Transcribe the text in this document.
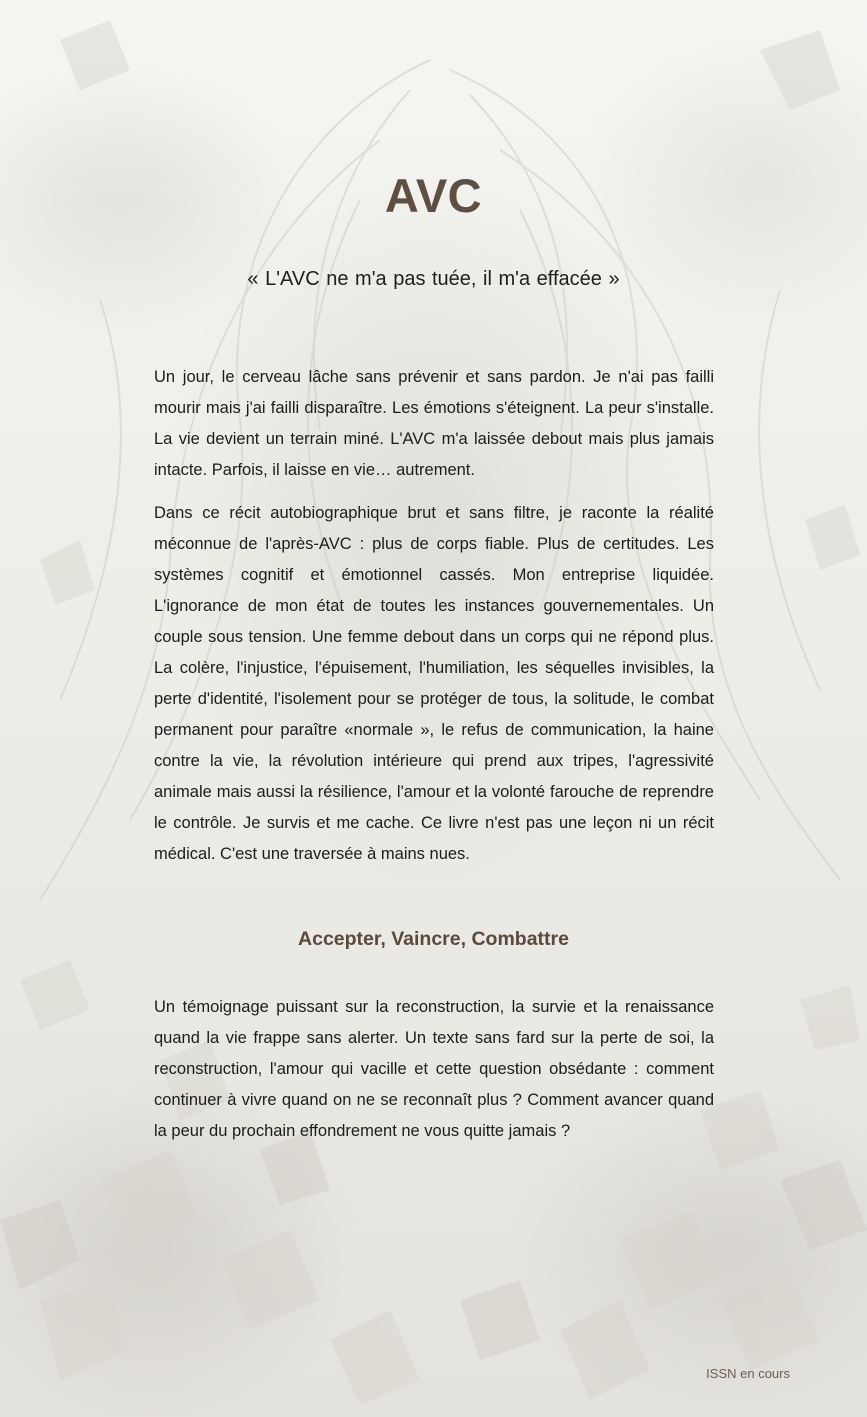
AVC
« L'AVC ne m'a pas tuée, il m'a effacée »

Un jour, le cerveau lâche sans prévenir et sans pardon. Je n'ai pas failli mourir mais j'ai failli disparaître. Les émotions s'éteignent. La peur s'installe. La vie devient un terrain miné. L'AVC m'a laissée debout mais plus jamais intacte. Parfois, il laisse en vie… autrement.

Dans ce récit autobiographique brut et sans filtre, je raconte la réalité méconnue de l'après-AVC : plus de corps fiable. Plus de certitudes. Les systèmes cognitif et émotionnel cassés. Mon entreprise liquidée. L'ignorance de mon état de toutes les instances gouvernementales. Un couple sous tension. Une femme debout dans un corps qui ne répond plus. La colère, l'injustice, l'épuisement, l'humiliation, les séquelles invisibles, la perte d'identité, l'isolement pour se protéger de tous, la solitude, le combat permanent pour paraître «normale », le refus de communication, la haine contre la vie, la révolution intérieure qui prend aux tripes, l'agressivité animale mais aussi la résilience, l'amour et la volonté farouche de reprendre le contrôle. Je survis et me cache. Ce livre n'est pas une leçon ni un récit médical. C'est une traversée à mains nues.

Accepter, Vaincre, Combattre

Un témoignage puissant sur la reconstruction, la survie et la renaissance quand la vie frappe sans alerter. Un texte sans fard sur la perte de soi, la reconstruction, l'amour qui vacille et cette question obsédante : comment continuer à vivre quand on ne se reconnaît plus ? Comment avancer quand la peur du prochain effondrement ne vous quitte jamais ?

ISSN en cours
